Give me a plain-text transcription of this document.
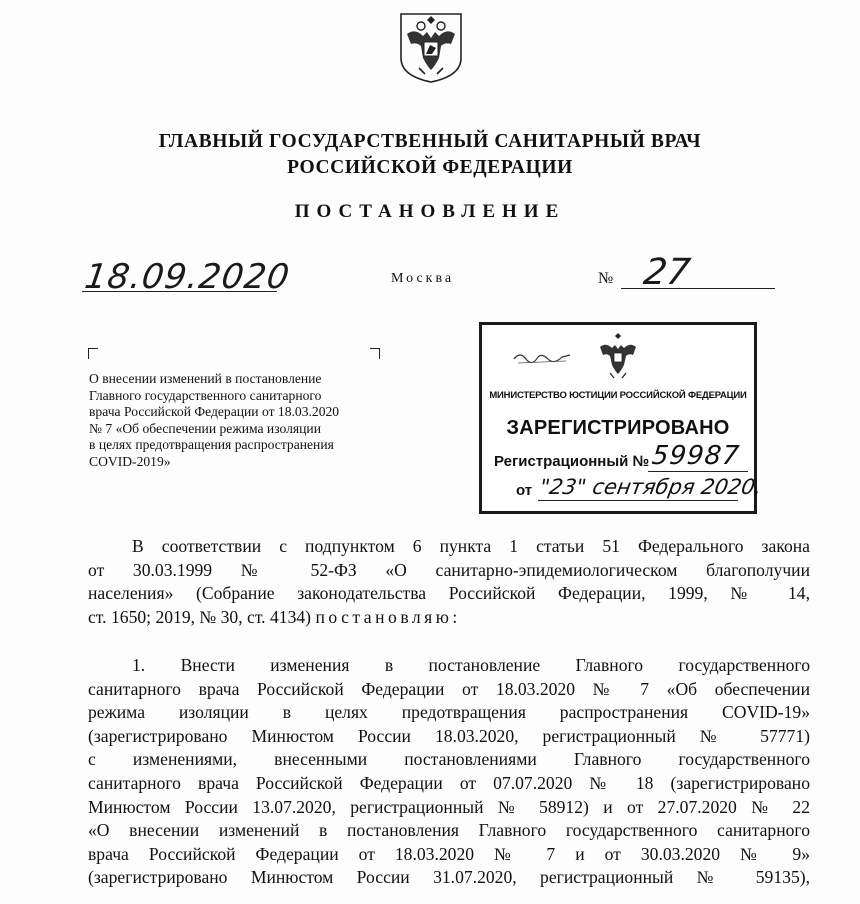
ГЛАВНЫЙ ГОСУДАРСТВЕННЫЙ САНИТАРНЫЙ ВРАЧ
РОССИЙСКОЙ ФЕДЕРАЦИИ
ПОСТАНОВЛЕНИЕ
18.09.2020	Москва	№ 27
О внесении изменений в постановление
Главного государственного санитарного
врача Российской Федерации от 18.03.2020
№ 7 «Об обеспечении режима изоляции
в целях предотвращения распространения
COVID-2019»
МИНИСТЕРСТВО ЮСТИЦИИ РОССИЙСКОЙ ФЕДЕРАЦИИ
ЗАРЕГИСТРИРОВАНО
Регистрационный № 59987
от "23" сентября 2020.
В соответствии с подпунктом 6 пункта 1 статьи 51 Федерального закона
от 30.03.1999 № 52-ФЗ «О санитарно-эпидемиологическом благополучии
населения» (Собрание законодательства Российской Федерации, 1999, № 14,
ст. 1650; 2019, № 30, ст. 4134) постановляю:
1. Внести изменения в постановление Главного государственного
санитарного врача Российской Федерации от 18.03.2020 № 7 «Об обеспечении
режима изоляции в целях предотвращения распространения COVID-19»
(зарегистрировано Минюстом России 18.03.2020, регистрационный № 57771)
с изменениями, внесенными постановлениями Главного государственного
санитарного врача Российской Федерации от 07.07.2020 № 18 (зарегистрировано
Минюстом России 13.07.2020, регистрационный № 58912) и от 27.07.2020 № 22
«О внесении изменений в постановления Главного государственного санитарного
врача Российской Федерации от 18.03.2020 № 7 и от 30.03.2020 № 9»
(зарегистрировано Минюстом России 31.07.2020, регистрационный № 59135),
